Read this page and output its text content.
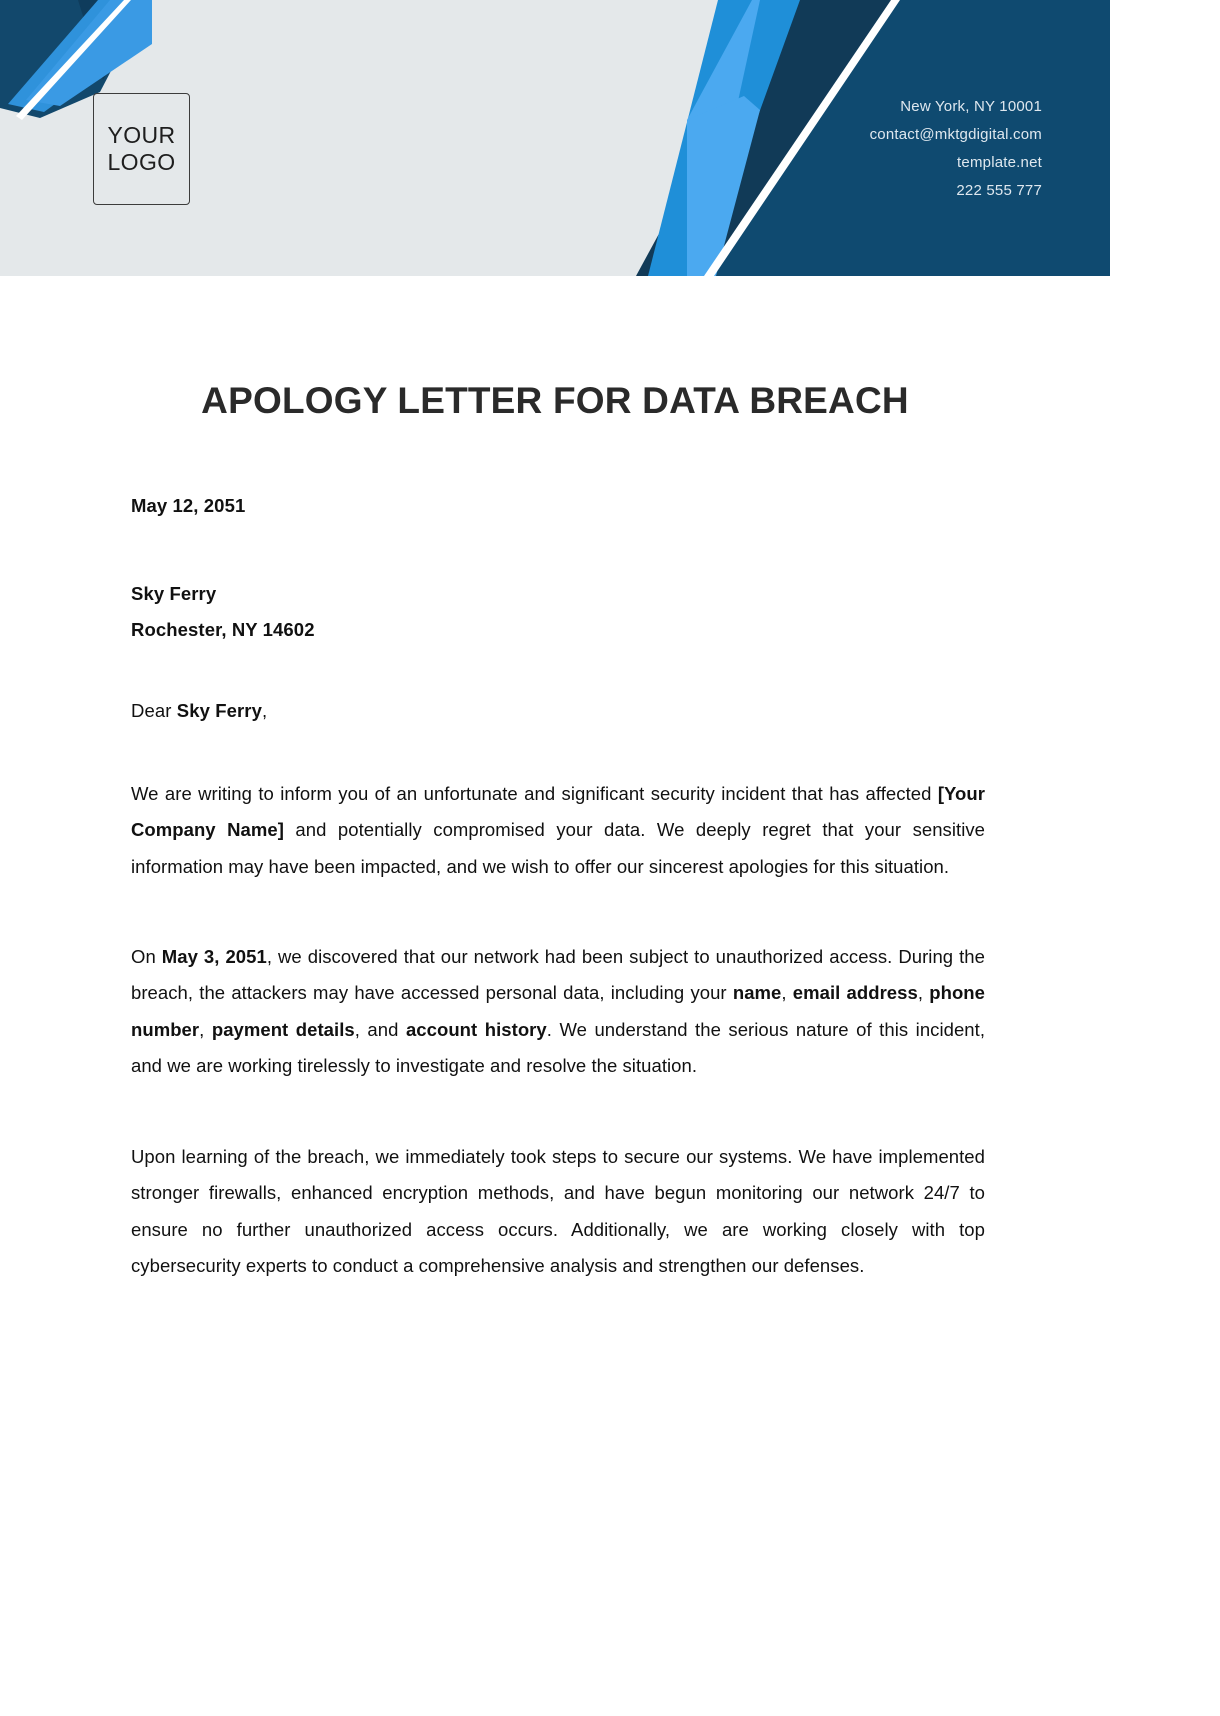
YOUR
LOGO
New York, NY 10001
contact@mktgdigital.com
template.net
222 555 777
APOLOGY LETTER FOR DATA BREACH
May 12, 2051
Sky Ferry
Rochester, NY 14602
Dear Sky Ferry,
We are writing to inform you of an unfortunate and significant security incident that has affected [Your Company Name] and potentially compromised your data. We deeply regret that your sensitive information may have been impacted, and we wish to offer our sincerest apologies for this situation.
On May 3, 2051, we discovered that our network had been subject to unauthorized access. During the breach, the attackers may have accessed personal data, including your name, email address, phone number, payment details, and account history. We understand the serious nature of this incident, and we are working tirelessly to investigate and resolve the situation.
Upon learning of the breach, we immediately took steps to secure our systems. We have implemented stronger firewalls, enhanced encryption methods, and have begun monitoring our network 24/7 to ensure no further unauthorized access occurs. Additionally, we are working closely with top cybersecurity experts to conduct a comprehensive analysis and strengthen our defenses.
